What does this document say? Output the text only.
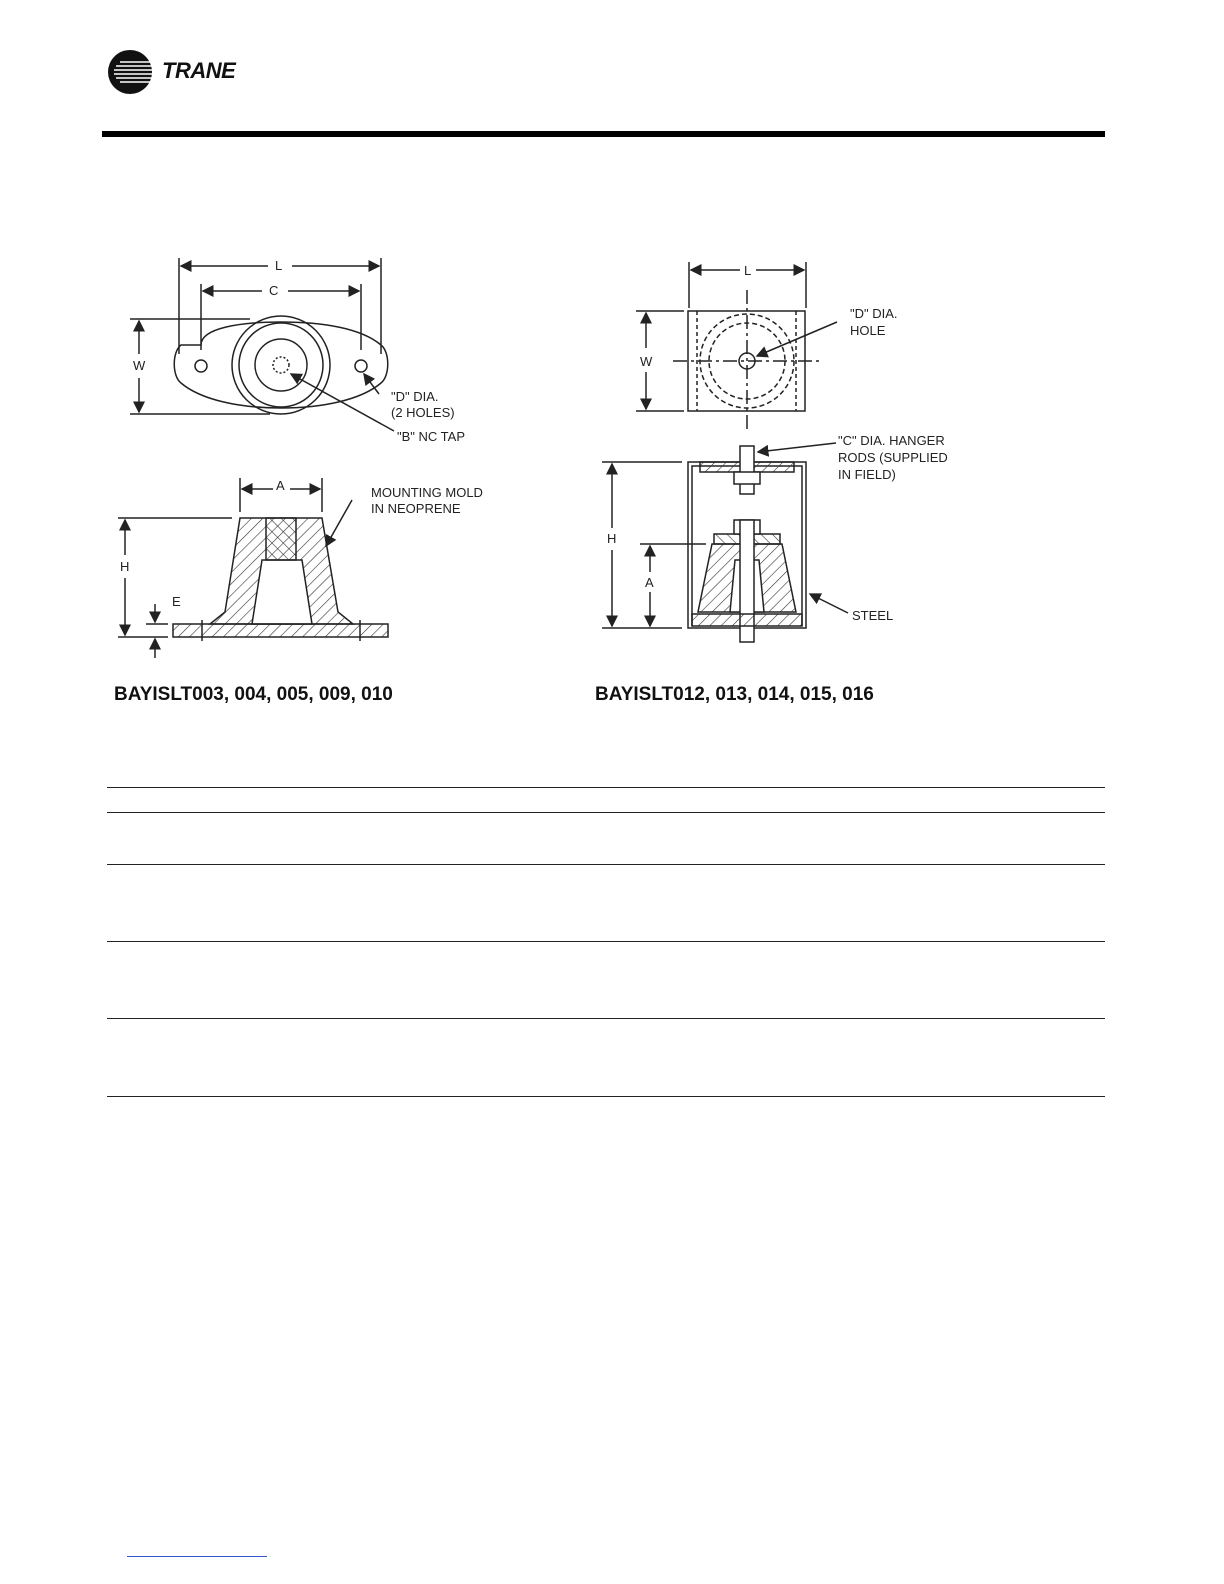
TRANE
L
C
W
"D" DIA.
(2 HOLES)
"B" NC TAP
A	MOUNTING MOLD
IN NEOPRENE
H
E
L
W
"D" DIA.
HOLE
"C" DIA. HANGER
RODS (SUPPLIED
IN FIELD)
H
A
STEEL
BAYISLT003, 004, 005, 009, 010	BAYISLT012, 013, 014, 015, 016
